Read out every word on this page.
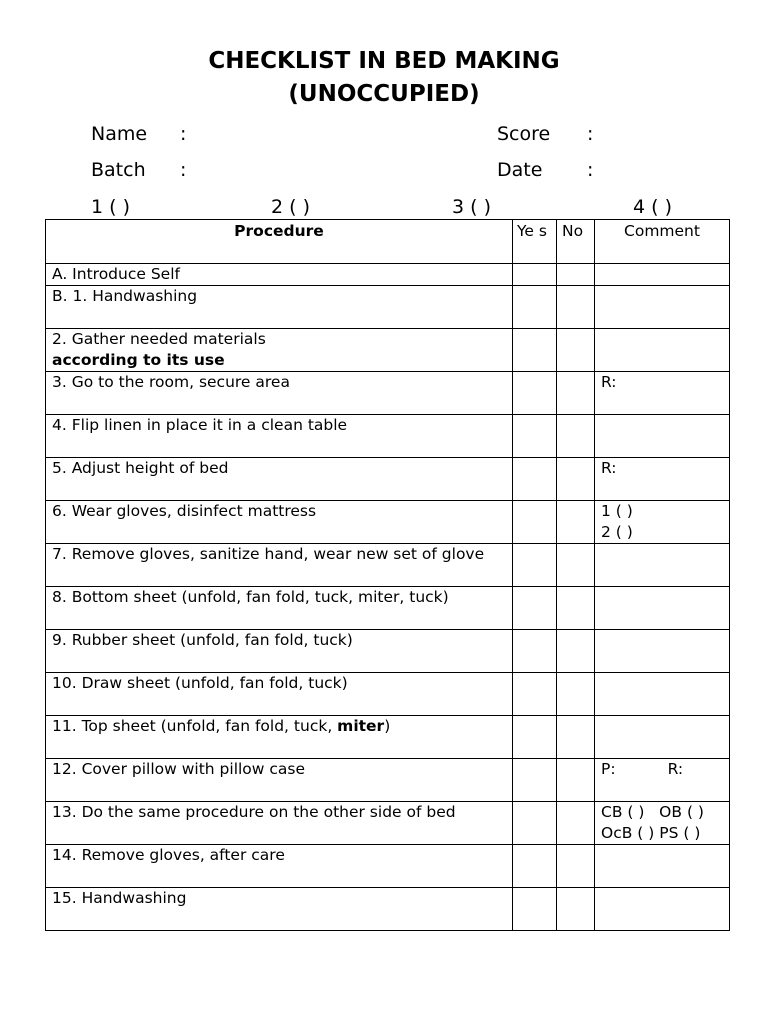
CHECKLIST IN BED MAKING
(UNOCCUPIED)
Name :	Score :
Batch :	Date :
1 ( )	2 ( )	3 ( )	4 ( )
Procedure	Ye s	No	Comment
A. Introduce Self			
B. 1. Handwashing			

2. Gather needed materials
according to its use			

3. Go to the room, secure area			R:
4. Flip linen in place it in a clean table			
5. Adjust height of bed			R:
6. Wear gloves, disinfect mattress			1 ( )
2 ( )

7. Remove gloves, sanitize hand, wear new set of glove			
8. Bottom sheet (unfold, fan fold, tuck, miter, tuck)			
9. Rubber sheet (unfold, fan fold, tuck)			
10. Draw sheet (unfold, fan fold, tuck)			
11. Top sheet (unfold, fan fold, tuck, miter)			
12. Cover pillow with pillow case			P: R:
13. Do the same procedure on the other side of bed			CB ( )   OB ( )
OcB ( ) PS ( )

14. Remove gloves, after care			
15. Handwashing			
